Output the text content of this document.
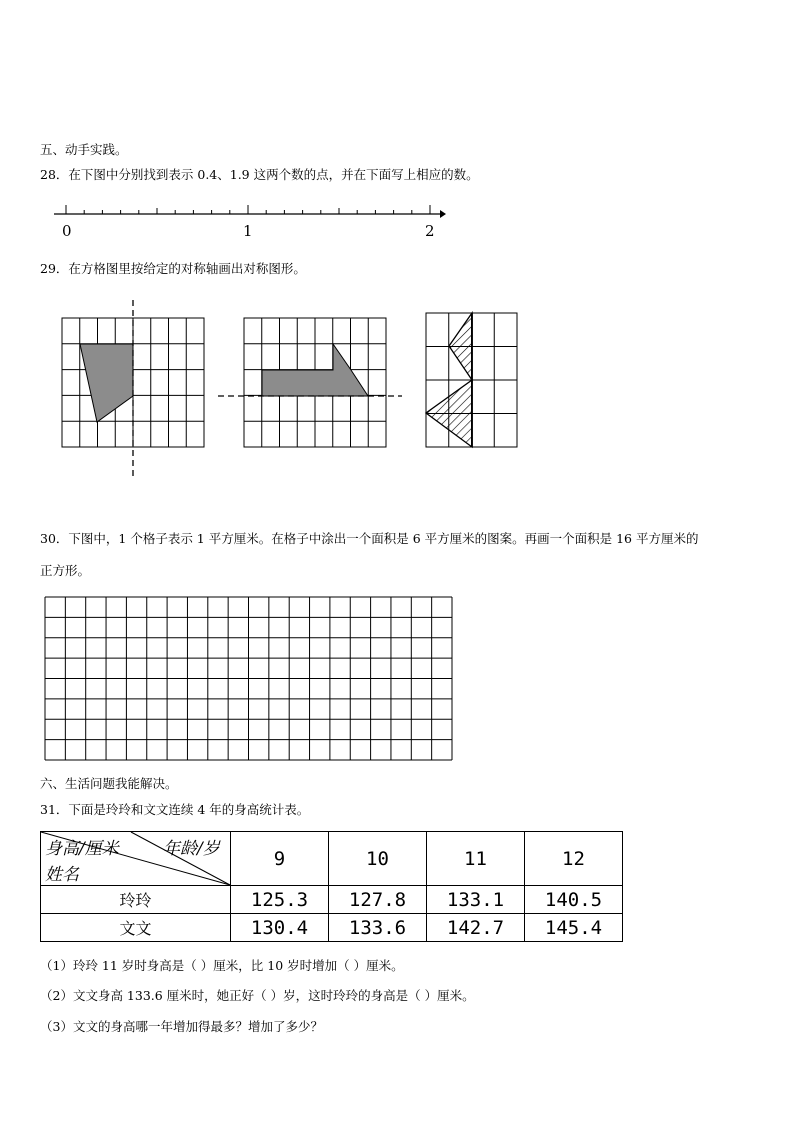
五、动手实践。
28．在下图中分别找到表示 0.4、1.9 这两个数的点，并在下面写上相应的数。
0	1	2
29．在方格图里按给定的对称轴画出对称图形。
30．下图中，1 个格子表示 1 平方厘米。在格子中涂出一个面积是 6 平方厘米的图案。再画一个面积是 16 平方厘米的
正方形。
六、生活问题我能解决。
31．下面是玲玲和文文连续 4 年的身高统计表。
身高/厘米 年龄/岁
姓名	9	10	11	12
玲玲	125.3	127.8	133.1	140.5
文文	130.4	133.6	142.7	145.4
（1）玲玲 11 岁时身高是（ ）厘米，比 10 岁时增加（ ）厘米。
（2）文文身高 133.6 厘米时，她正好（ ）岁，这时玲玲的身高是（ ）厘米。
（3）文文的身高哪一年增加得最多？增加了多少？
